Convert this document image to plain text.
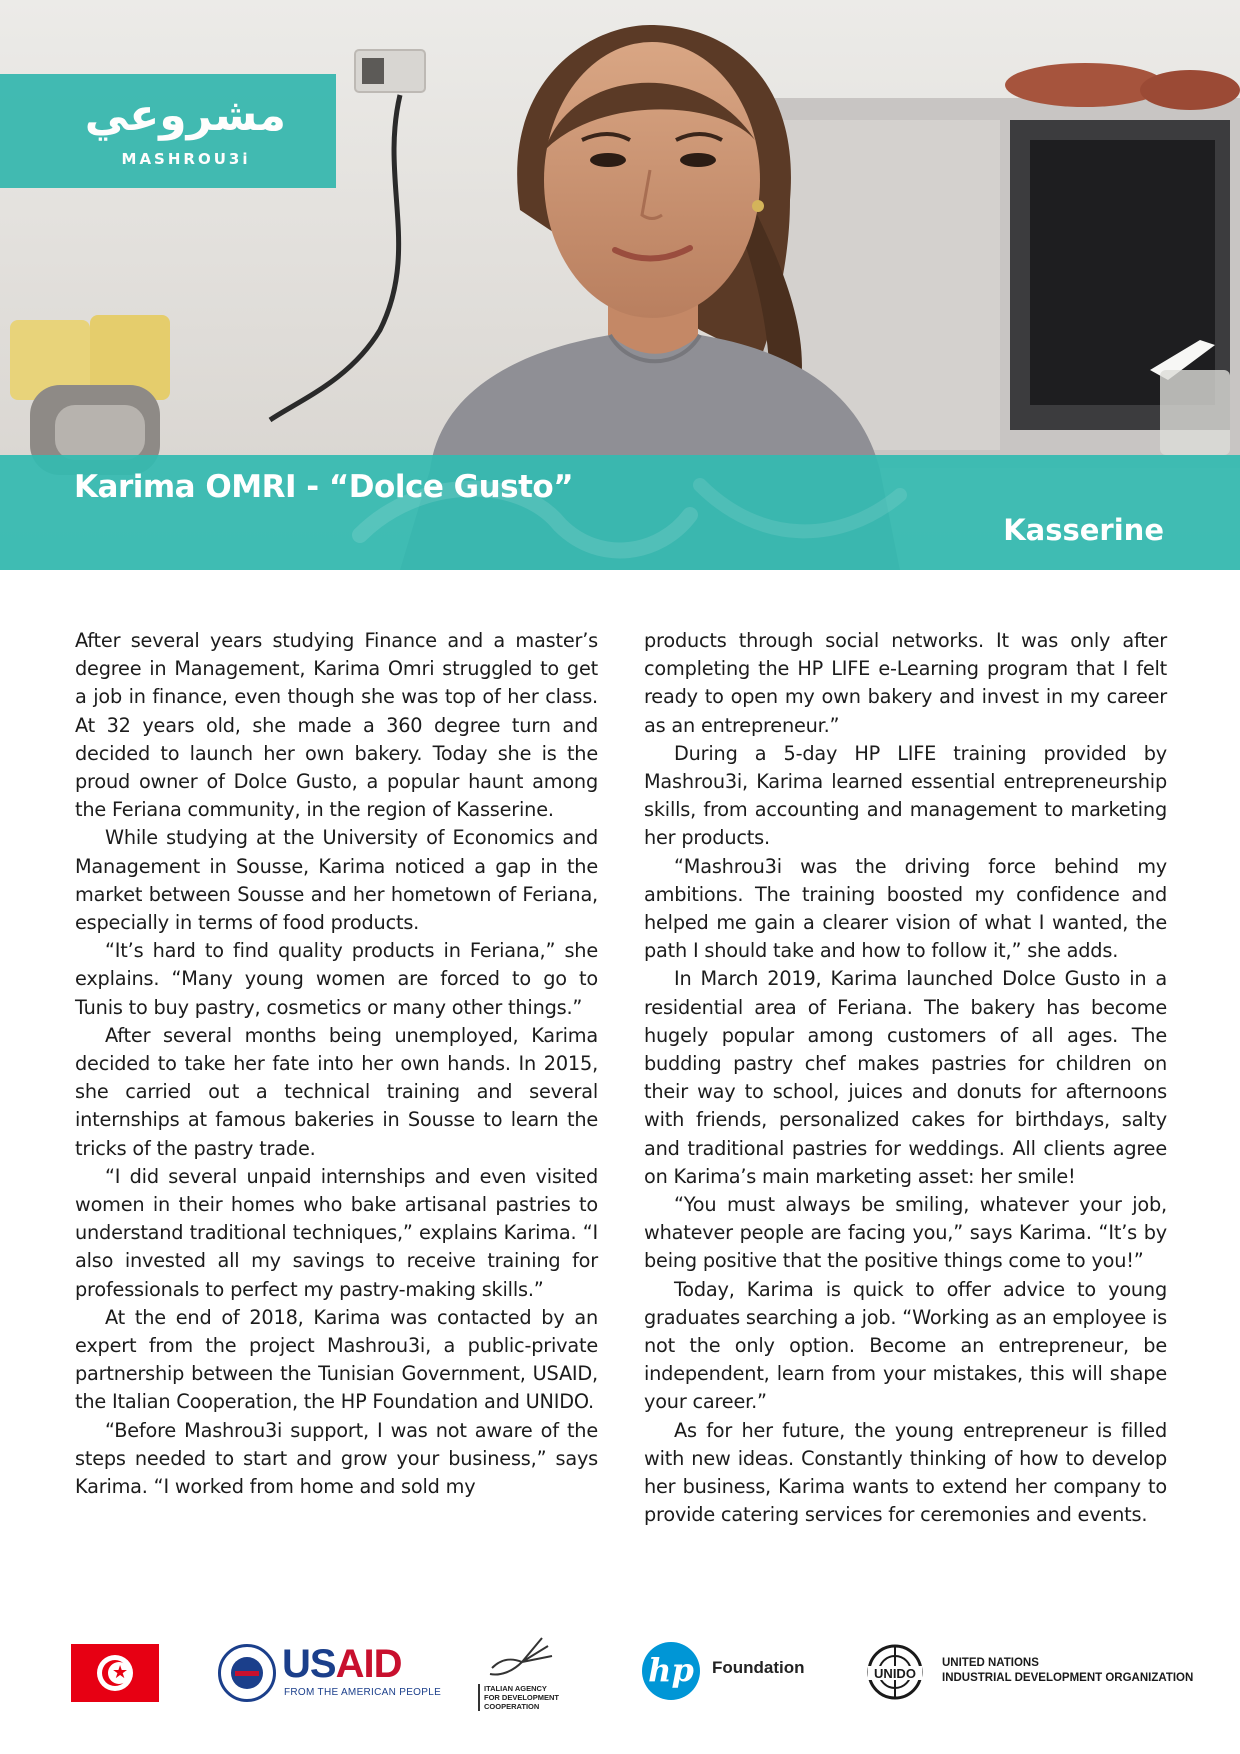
مشروعي
MASHROU3i
Karima OMRI - “Dolce Gusto”
Kasserine

After several years studying Finance and a master’s degree in Management, Karima Omri struggled to get a job in finance, even though she was top of her class. At 32 years old, she made a 360 degree turn and decided to launch her own bakery. Today she is the proud owner of Dolce Gusto, a popular haunt among the Feriana community, in the region of Kasserine.

While studying at the University of Economics and Management in Sousse, Karima noticed a gap in the market between Sousse and her hometown of Feriana, especially in terms of food products.

“It’s hard to find quality products in Feriana,” she explains. “Many young women are forced to go to Tunis to buy pastry, cosmetics or many other things.”

After several months being unemployed, Karima decided to take her fate into her own hands. In 2015, she carried out a technical training and several internships at famous bakeries in Sousse to learn the tricks of the pastry trade.

“I did several unpaid internships and even visited women in their homes who bake artisanal pastries to understand traditional techniques,” explains Karima. “I also invested all my savings to receive training for professionals to perfect my pastry-making skills.”

At the end of 2018, Karima was contacted by an expert from the project Mashrou3i, a public-private partnership between the Tunisian Government, USAID, the Italian Cooperation, the HP Foundation and UNIDO.

“Before Mashrou3i support, I was not aware of the steps needed to start and grow your business,” says Karima. “I worked from home and sold my

products through social networks. It was only after completing the HP LIFE e-Learning program that I felt ready to open my own bakery and invest in my career as an entrepreneur.”

During a 5-day HP LIFE training provided by Mashrou3i, Karima learned essential entrepreneurship skills, from accounting and management to marketing her products.

“Mashrou3i was the driving force behind my ambitions. The training boosted my confidence and helped me gain a clearer vision of what I wanted, the path I should take and how to follow it,” she adds.

In March 2019, Karima launched Dolce Gusto in a residential area of Feriana. The bakery has become hugely popular among customers of all ages. The budding pastry chef makes pastries for children on their way to school, juices and donuts for afternoons with friends, personalized cakes for birthdays, salty and traditional pastries for weddings. All clients agree on Karima’s main marketing asset: her smile!

“You must always be smiling, whatever your job, whatever people are facing you,” says Karima. “It’s by being positive that the positive things come to you!”

Today, Karima is quick to offer advice to young graduates searching a job. “Working as an employee is not the only option. Become an entrepreneur, be independent, learn from your mistakes, this will shape your career.”

As for her future, the young entrepreneur is filled with new ideas. Constantly thinking of how to develop her business, Karima wants to extend her company to provide catering services for ceremonies and events.

★	USAID
FROM THE AMERICAN PEOPLE	ITALIAN AGENCY
FOR DEVELOPMENT
COOPERATION
hp	Foundation	UNIDO
UNITED NATIONS
INDUSTRIAL DEVELOPMENT ORGANIZATION
